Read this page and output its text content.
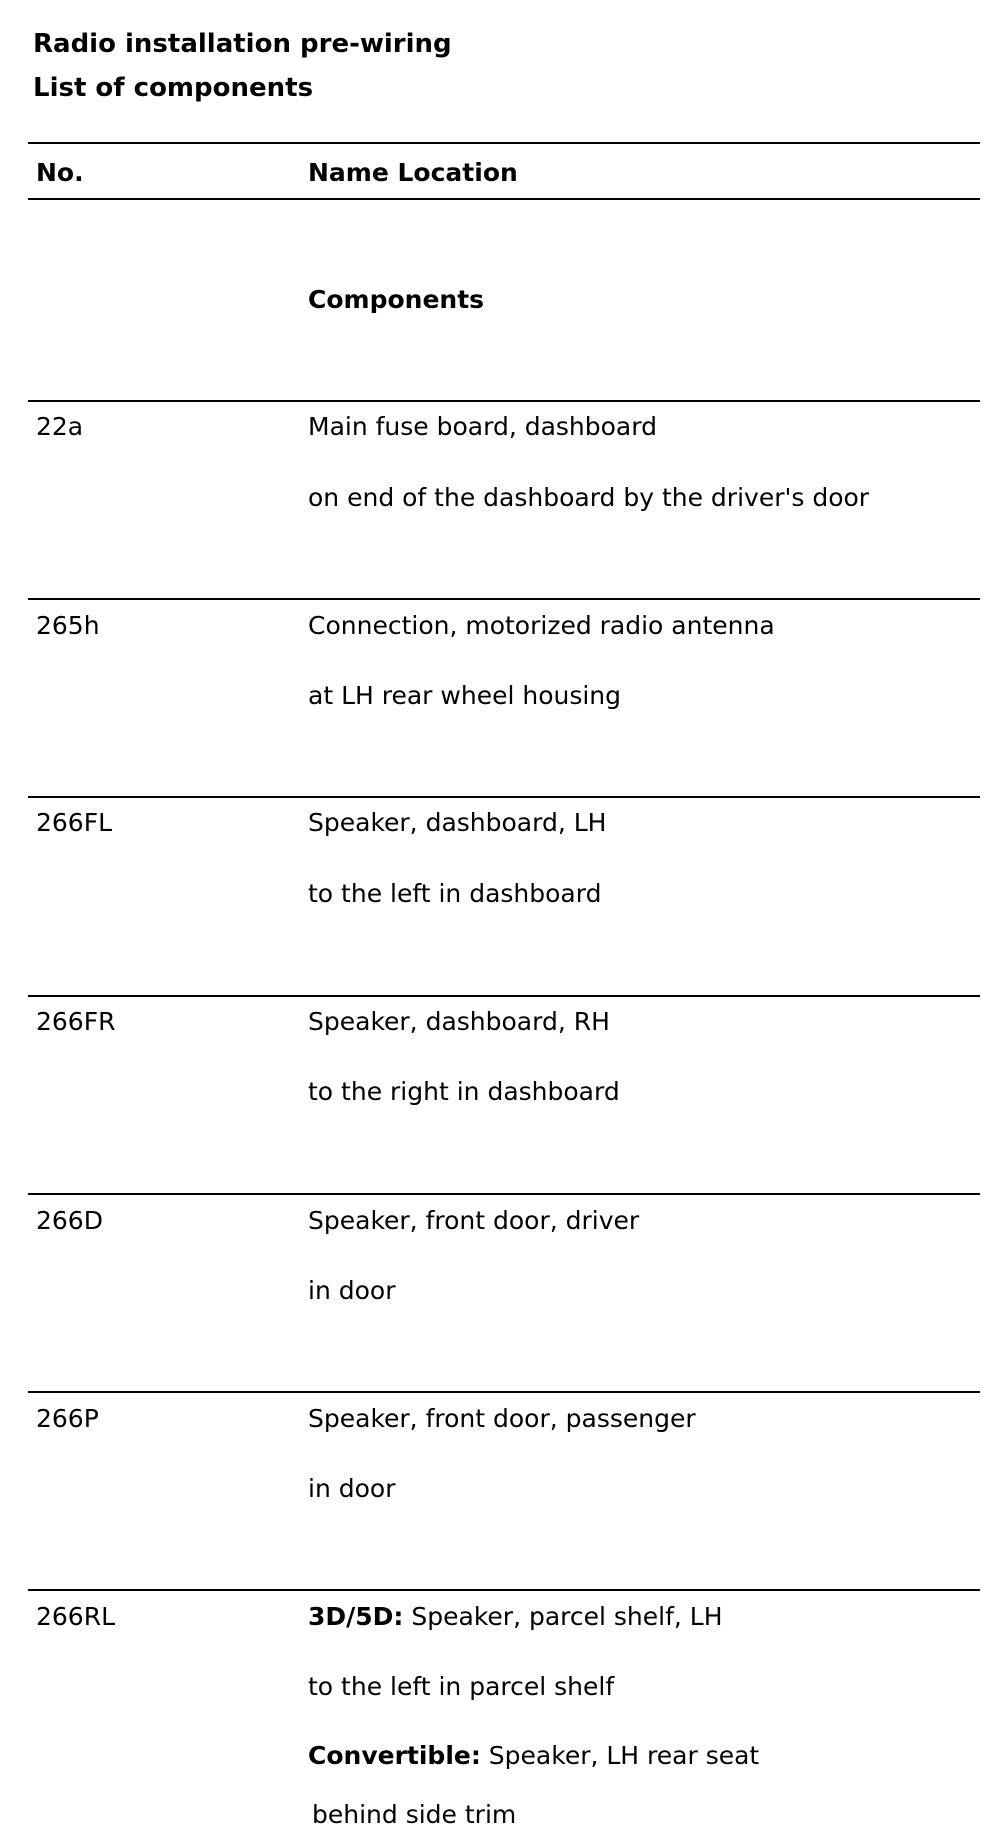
Radio installation pre-wiring
List of components
No.	Name Location
Components
22a	Main fuse board, dashboard
on end of the dashboard by the driver's door
265h	Connection, motorized radio antenna
at LH rear wheel housing
266FL	Speaker, dashboard, LH
to the left in dashboard
266FR	Speaker, dashboard, RH
to the right in dashboard
266D	Speaker, front door, driver
in door
266P	Speaker, front door, passenger
in door
266RL	3D/5D: Speaker, parcel shelf, LH
to the left in parcel shelf
Convertible: Speaker, LH rear seat
behind side trim
